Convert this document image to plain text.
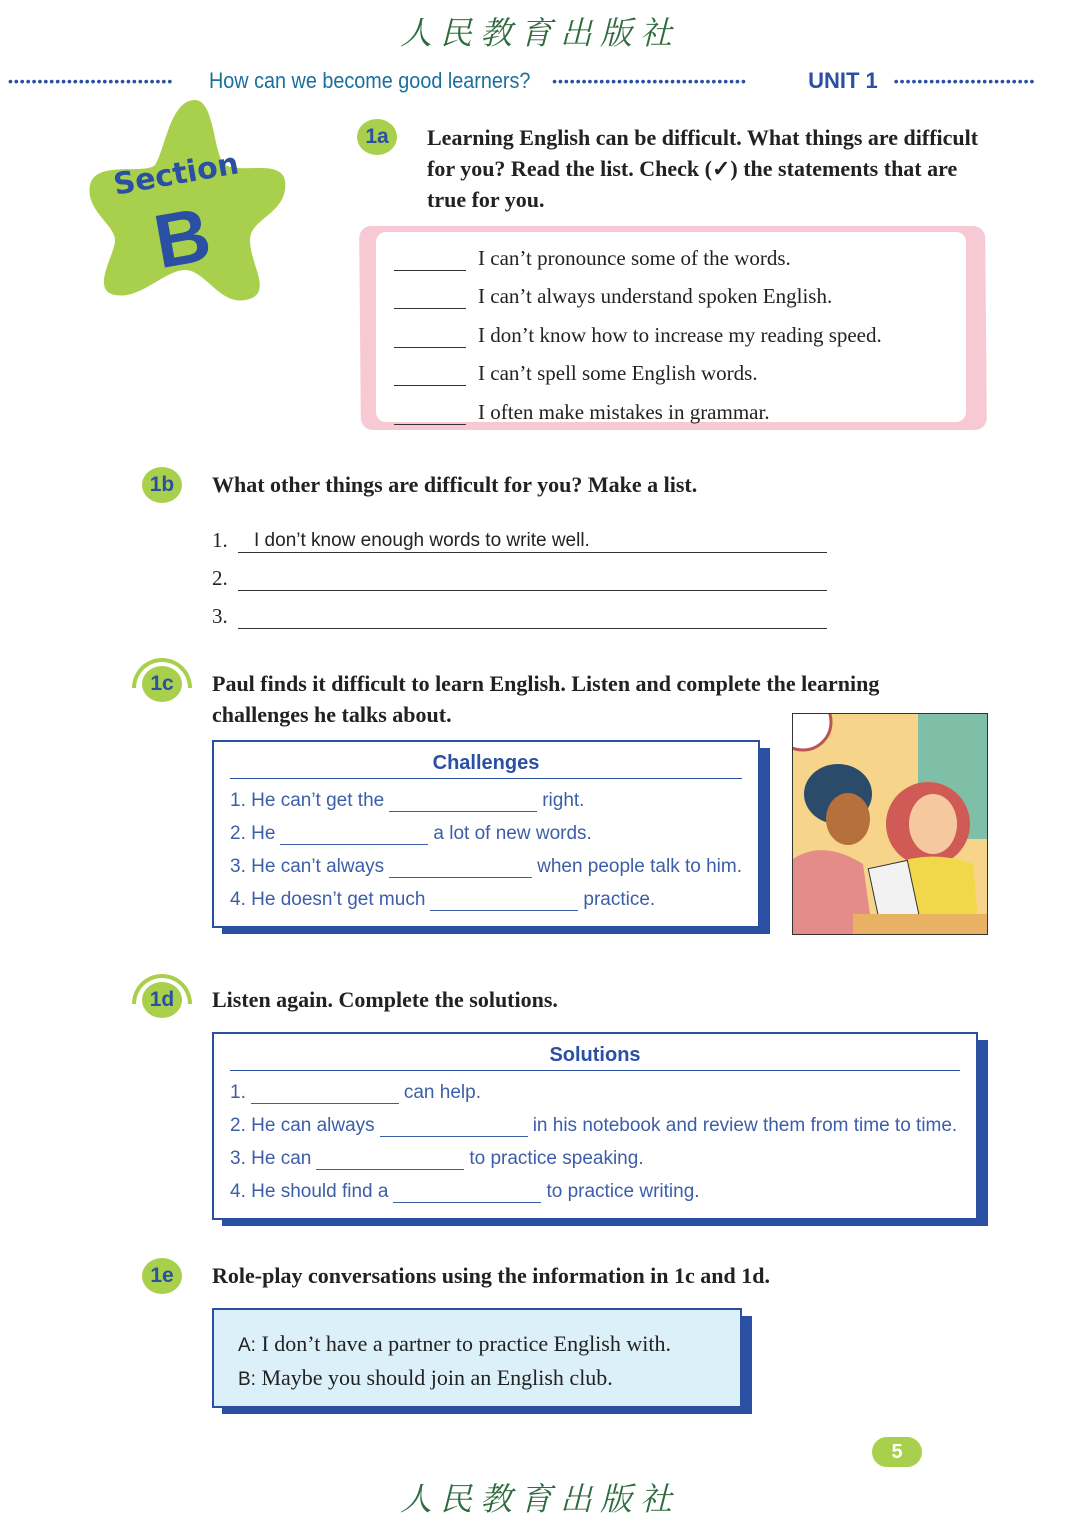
人民教育出版社
••••••••••••••••••••••••••••	How can we become good learners? •••••••••••••••••••••••••••••••••	UNIT 1 ••••••••••••••••••••••••
Section
B
1a	Learning English can be difficult. What things are difficult for you? Read the list. Check (✓) the statements that are true for you.
I can’t pronounce some of the words.
I can’t always understand spoken English.
I don’t know how to increase my reading speed.
I can’t spell some English words.
I often make mistakes in grammar.
1b	What other things are difficult for you? Make a list.
1.	I don’t know enough words to write well.
2.
3.
1c	Paul finds it difficult to learn English. Listen and complete the learning challenges he talks about.
Challenges
1. He can’t get the	right.
2. He	a lot of new words.
3. He can’t always	when people talk to him.
4. He doesn’t get much	practice.
1d	Listen again. Complete the solutions.
Solutions
1.	can help.
2. He can always	in his notebook and review them from time to time.
3. He can	to practice speaking.
4. He should find a	to practice writing.
1e	Role-play conversations using the information in 1c and 1d.
A: I don’t have a partner to practice English with.
B: Maybe you should join an English club.
5
人民教育出版社
